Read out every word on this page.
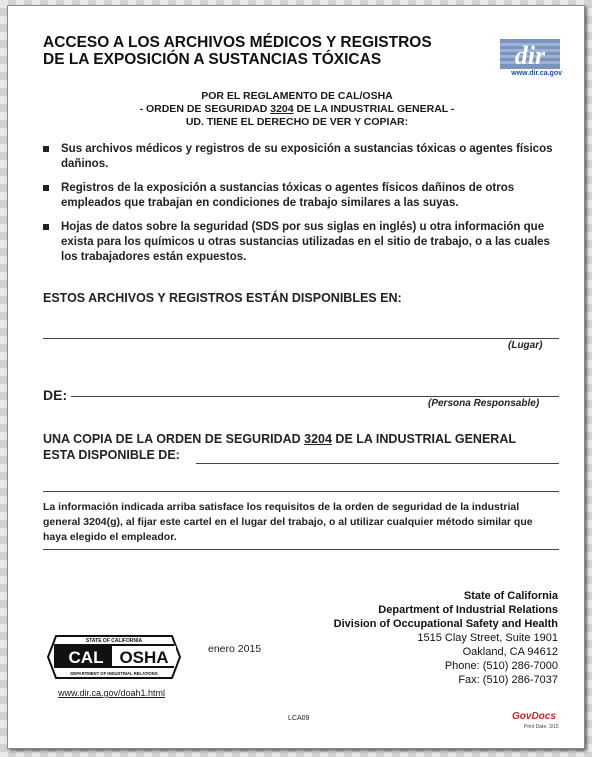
ACCESO A LOS ARCHIVOS MÉDICOS Y REGISTROS
DE LA EXPOSICIÓN A SUSTANCIAS TÓXICAS	dir
www.dir.ca.gov
POR EL REGLAMENTO DE CAL/OSHA
- ORDEN DE SEGURIDAD 3204 DE LA INDUSTRIAL GENERAL -
UD. TIENE EL DERECHO DE VER Y COPIAR:
Sus archivos médicos y registros de su exposición a sustancias tóxicas o agentes físicos dañinos.
Registros de la exposición a sustancias tóxicas o agentes físicos dañinos de otros empleados que trabajan en condiciones de trabajo similares a las suyas.
Hojas de datos sobre la seguridad (SDS por sus siglas en inglés) u otra información que exista para los químicos u otras sustancias utilizadas en el sitio de trabajo, o a las cuales los trabajadores están expuestos.
ESTOS ARCHIVOS Y REGISTROS ESTÁN DISPONIBLES EN:
(Lugar)
DE:
(Persona Responsable)
UNA COPIA DE LA ORDEN DE SEGURIDAD 3204 DE LA INDUSTRIAL GENERAL
ESTA DISPONIBLE DE:
La información indicada arriba satisface los requisitos de la orden de seguridad de la industrial general 3204(g), al fijar este cartel en el lugar del trabajo, o al utilizar cualquier método similar que haya elegido el empleador.
State of California
Department of Industrial Relations
Division of Occupational Safety and Health
1515 Clay Street, Suite 1901
Oakland, CA 94612
Phone: (510) 286-7000
Fax: (510) 286-7037
STATE OF CALIFORNIA
CAL OSHA
DEPARTMENT OF INDUSTRIAL RELATIONS
enero 2015
www.dir.ca.gov/doah1.html
LCA09	GovDocs
Print Date: 3/15
